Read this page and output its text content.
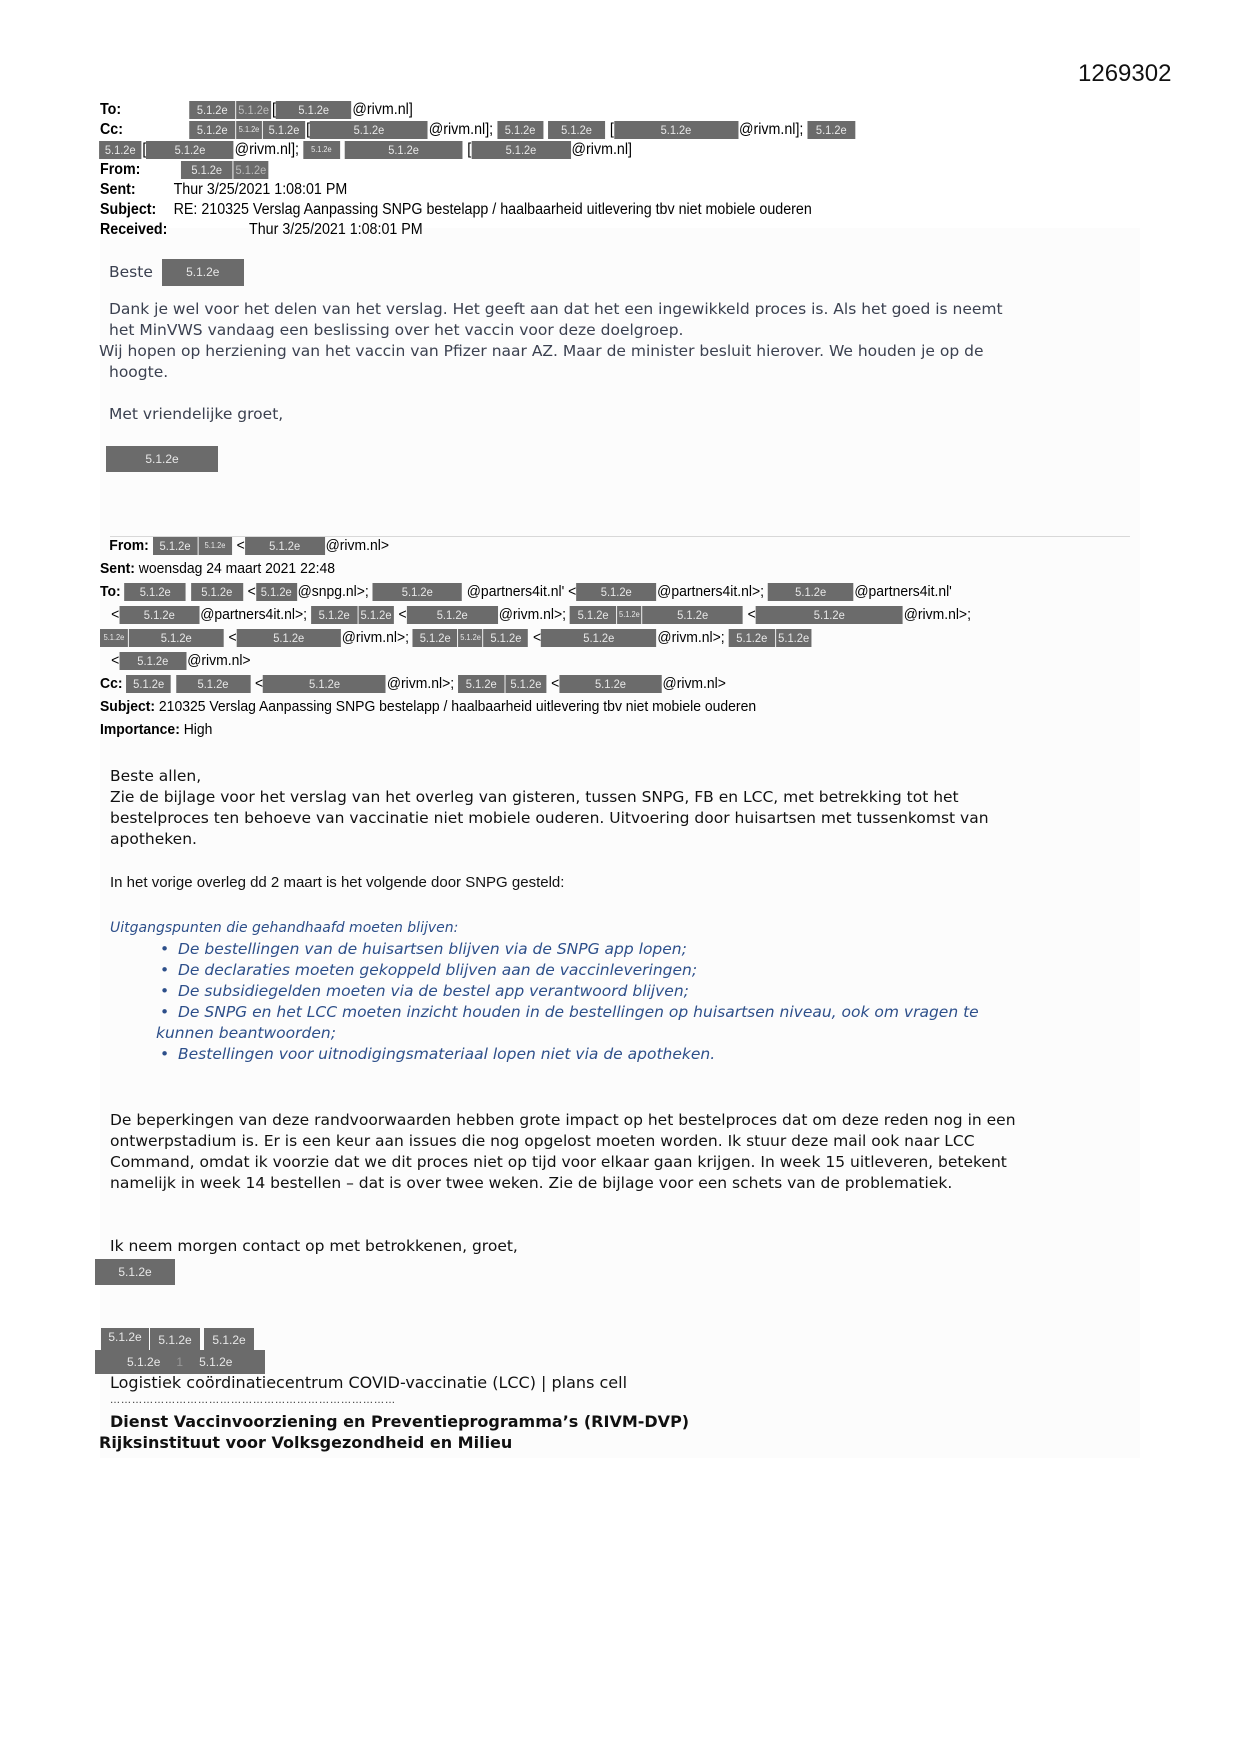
1269302
To:	5.1.2e 5.1.2e [ 5.1.2e @rivm.nl]
Cc:	5.1.2e 5.1.2e 5.1.2e [	5.1.2e	@rivm.nl]; 5.1.2e 5.1.2e [	5.1.2e	@rivm.nl]; 5.1.2e
5.1.2e [ 5.1.2e @rivm.nl]; 5.1.2e	5.1.2e	[	5.1.2e @rivm.nl]
From:	5.1.2e 5.1.2e
Sent: Thur 3/25/2021 1:08:01 PM
Subject: RE: 210325 Verslag Aanpassing SNPG bestelapp / haalbaarheid uitlevering tbv niet mobiele ouderen
Received:	Thur 3/25/2021 1:08:01 PM
Beste	5.1.2e
Dank je wel voor het delen van het verslag. Het geeft aan dat het een ingewikkeld proces is. Als het goed is neemt
het MinVWS vandaag een beslissing over het vaccin voor deze doelgroep.
Wij hopen op herziening van het vaccin van Pfizer naar AZ. Maar de minister besluit hierover. We houden je op de
hoogte.
Met vriendelijke groet,
5.1.2e
From: 5.1.2e 5.1.2e < 5.1.2e @rivm.nl>
Sent: woensdag 24 maart 2021 22:48
To: 5.1.2e	5.1.2e < 5.1.2e @snpg.nl>;	5.1.2e @partners4it.nl' < 5.1.2e @partners4it.nl>;	5.1.2e @partners4it.nl'
< 5.1.2e @partners4it.nl>; 5.1.2e 5.1.2e <	5.1.2e @rivm.nl>; 5.1.2e 5.1.2e	5.1.2e	<	5.1.2e	@rivm.nl>;
5.1.2e	5.1.2e <	5.1.2e @rivm.nl>; 5.1.2e 5.1.2e 5.1.2e <	5.1.2e	@rivm.nl>; 5.1.2e 5.1.2e
< 5.1.2e @rivm.nl>
Cc: 5.1.2e	5.1.2e <	5.1.2e	@rivm.nl>; 5.1.2e 5.1.2e <	5.1.2e @rivm.nl>
Subject: 210325 Verslag Aanpassing SNPG bestelapp / haalbaarheid uitlevering tbv niet mobiele ouderen
Importance: High
Beste allen,
Zie de bijlage voor het verslag van het overleg van gisteren, tussen SNPG, FB en LCC, met betrekking tot het
bestelproces ten behoeve van vaccinatie niet mobiele ouderen. Uitvoering door huisartsen met tussenkomst van
apotheken.
In het vorige overleg dd 2 maart is het volgende door SNPG gesteld:
Uitgangspunten die gehandhaafd moeten blijven:
• De bestellingen van de huisartsen blijven via de SNPG app lopen;
• De declaraties moeten gekoppeld blijven aan de vaccinleveringen;
• De subsidiegelden moeten via de bestel app verantwoord blijven;
• De SNPG en het LCC moeten inzicht houden in de bestellingen op huisartsen niveau, ook om vragen te
kunnen beantwoorden;
• Bestellingen voor uitnodigingsmateriaal lopen niet via de apotheken.
De beperkingen van deze randvoorwaarden hebben grote impact op het bestelproces dat om deze reden nog in een
ontwerpstadium is. Er is een keur aan issues die nog opgelost moeten worden. Ik stuur deze mail ook naar LCC
Command, omdat ik voorzie dat we dit proces niet op tijd voor elkaar gaan krijgen. In week 15 uitleveren, betekent
namelijk in week 14 bestellen – dat is over twee weken. Zie de bijlage voor een schets van de problematiek.
Ik neem morgen contact op met betrokkenen, groet,
5.1.2e
5.1.2e 5.1.2e 5.1.2e
5.1.2e 1 5.1.2e
Logistiek coördinatiecentrum COVID-vaccinatie (LCC) | plans cell
……………………………………………………………………
Dienst Vaccinvoorziening en Preventieprogramma’s (RIVM-DVP)
Rijksinstituut voor Volksgezondheid en Milieu
